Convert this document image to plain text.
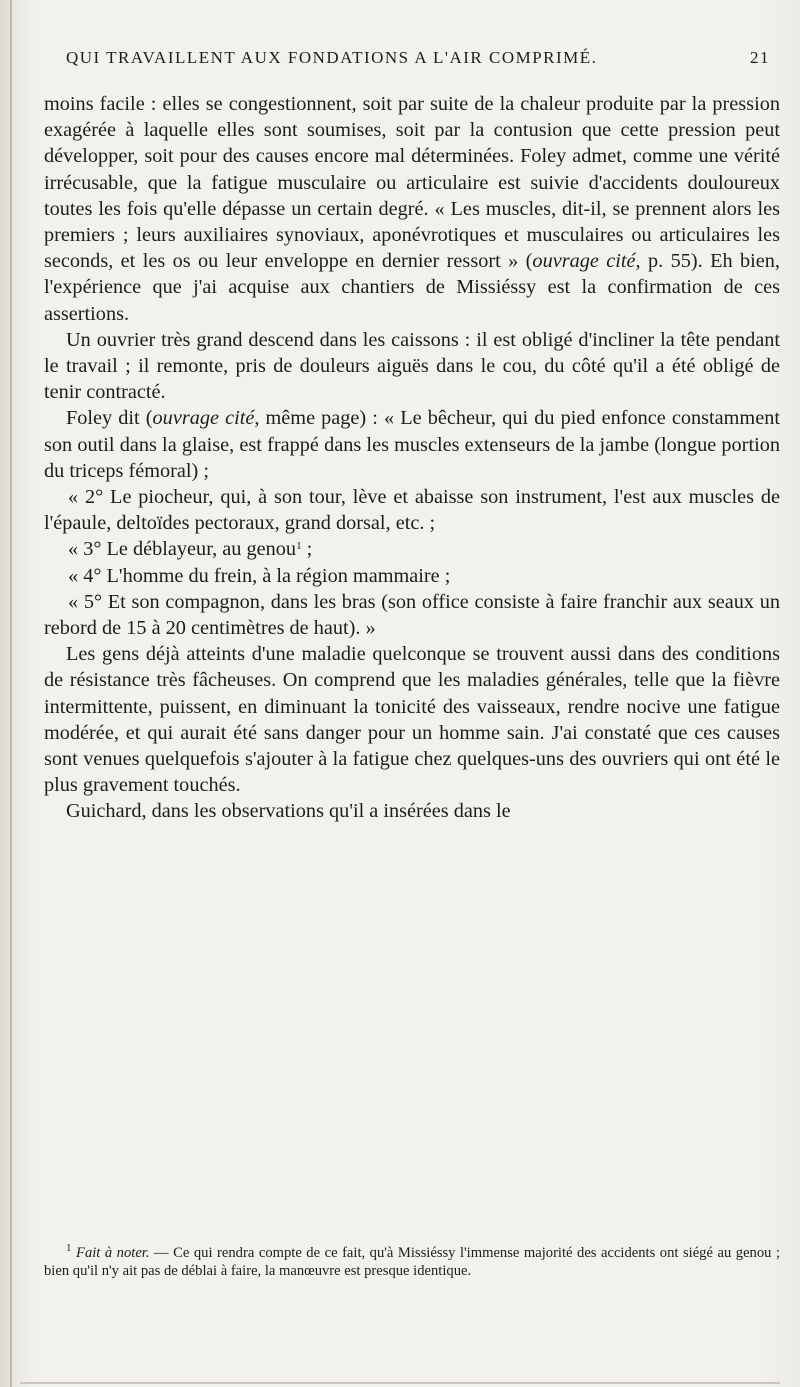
QUI TRAVAILLENT AUX FONDATIONS A L'AIR COMPRIMÉ.	21

moins facile : elles se congestionnent, soit par suite de la chaleur produite par la pression exagérée à laquelle elles sont soumises, soit par la contusion que cette pression peut développer, soit pour des causes encore mal déterminées. Foley admet, comme une vérité irrécusable, que la fatigue musculaire ou articulaire est suivie d'accidents douloureux toutes les fois qu'elle dépasse un certain degré. « Les muscles, dit-il, se prennent alors les premiers ; leurs auxiliaires synoviaux, aponévrotiques et musculaires ou articulaires les seconds, et les os ou leur enveloppe en dernier ressort » (ouvrage cité, p. 55). Eh bien, l'expérience que j'ai acquise aux chantiers de Missiéssy est la confirmation de ces assertions.

Un ouvrier très grand descend dans les caissons : il est obligé d'incliner la tête pendant le travail ; il remonte, pris de douleurs aiguës dans le cou, du côté qu'il a été obligé de tenir contracté.

Foley dit (ouvrage cité, même page) : « Le bêcheur, qui du pied enfonce constamment son outil dans la glaise, est frappé dans les muscles extenseurs de la jambe (longue portion du triceps fémoral) ;

« 2° Le piocheur, qui, à son tour, lève et abaisse son instrument, l'est aux muscles de l'épaule, deltoïdes pectoraux, grand dorsal, etc. ;

« 3° Le déblayeur, au genou$^1$ ;

« 4° L'homme du frein, à la région mammaire ;

« 5° Et son compagnon, dans les bras (son office consiste à faire franchir aux seaux un rebord de 15 à 20 centimètres de haut). »

Les gens déjà atteints d'une maladie quelconque se trouvent aussi dans des conditions de résistance très fâcheuses. On comprend que les maladies générales, telle que la fièvre intermittente, puissent, en diminuant la tonicité des vaisseaux, rendre nocive une fatigue modérée, et qui aurait été sans danger pour un homme sain. J'ai constaté que ces causes sont venues quelquefois s'ajouter à la fatigue chez quelques-uns des ouvriers qui ont été le plus gravement touchés.

Guichard, dans les observations qu'il a insérées dans le

$^1$ Fait à noter. — Ce qui rendra compte de ce fait, qu'à Missiéssy l'immense majorité des accidents ont siégé au genou ; bien qu'il n'y ait pas de déblai à faire, la manœuvre est presque identique.
